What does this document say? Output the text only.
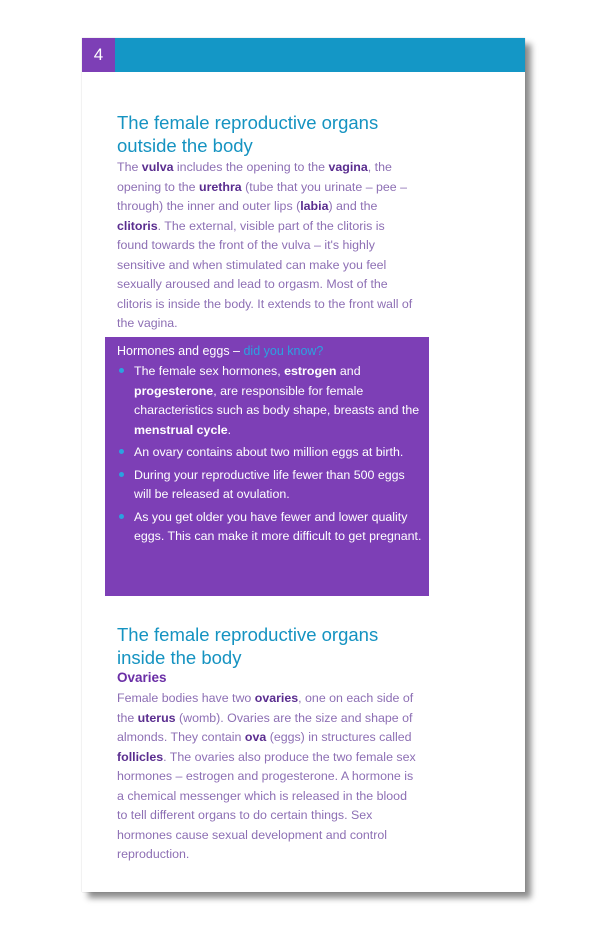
4
The female reproductive organs outside the body

The vulva includes the opening to the vagina, the opening to the urethra (tube that you urinate – pee – through) the inner and outer lips (labia) and the clitoris. The external, visible part of the clitoris is found towards the front of the vulva – it's highly sensitive and when stimulated can make you feel sexually aroused and lead to orgasm. Most of the clitoris is inside the body. It extends to the front wall of the vagina.

Hormones and eggs – did you know?

The female sex hormones, estrogen and progesterone, are responsible for female characteristics such as body shape, breasts and the menstrual cycle.
An ovary contains about two million eggs at birth.
During your reproductive life fewer than 500 eggs will be released at ovulation.
As you get older you have fewer and lower quality eggs. This can make it more difficult to get pregnant.
The female reproductive organs inside the body
Ovaries

Female bodies have two ovaries, one on each side of the uterus (womb). Ovaries are the size and shape of almonds. They contain ova (eggs) in structures called follicles. The ovaries also produce the two female sex hormones – estrogen and progesterone. A hormone is a chemical messenger which is released in the blood to tell different organs to do certain things. Sex hormones cause sexual development and control reproduction.
